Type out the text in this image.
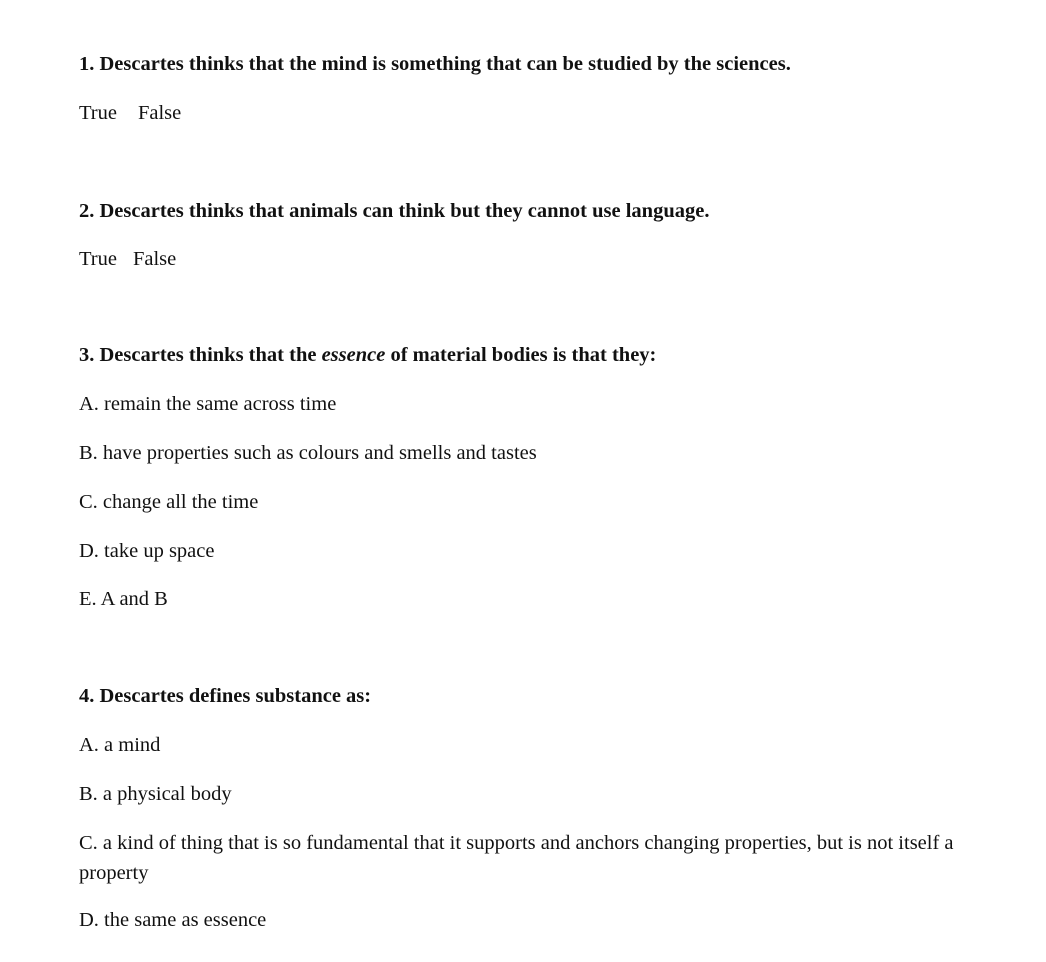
1. Descartes thinks that the mind is something that can be studied by the sciences.

True False

2. Descartes thinks that animals can think but they cannot use language.

True False

3. Descartes thinks that the essence of material bodies is that they:

A. remain the same across time

B. have properties such as colours and smells and tastes

C. change all the time

D. take up space

E. A and B

4. Descartes defines substance as:

A. a mind

B. a physical body

C. a kind of thing that is so fundamental that it supports and anchors changing properties, but is not itself a property

D. the same as essence
